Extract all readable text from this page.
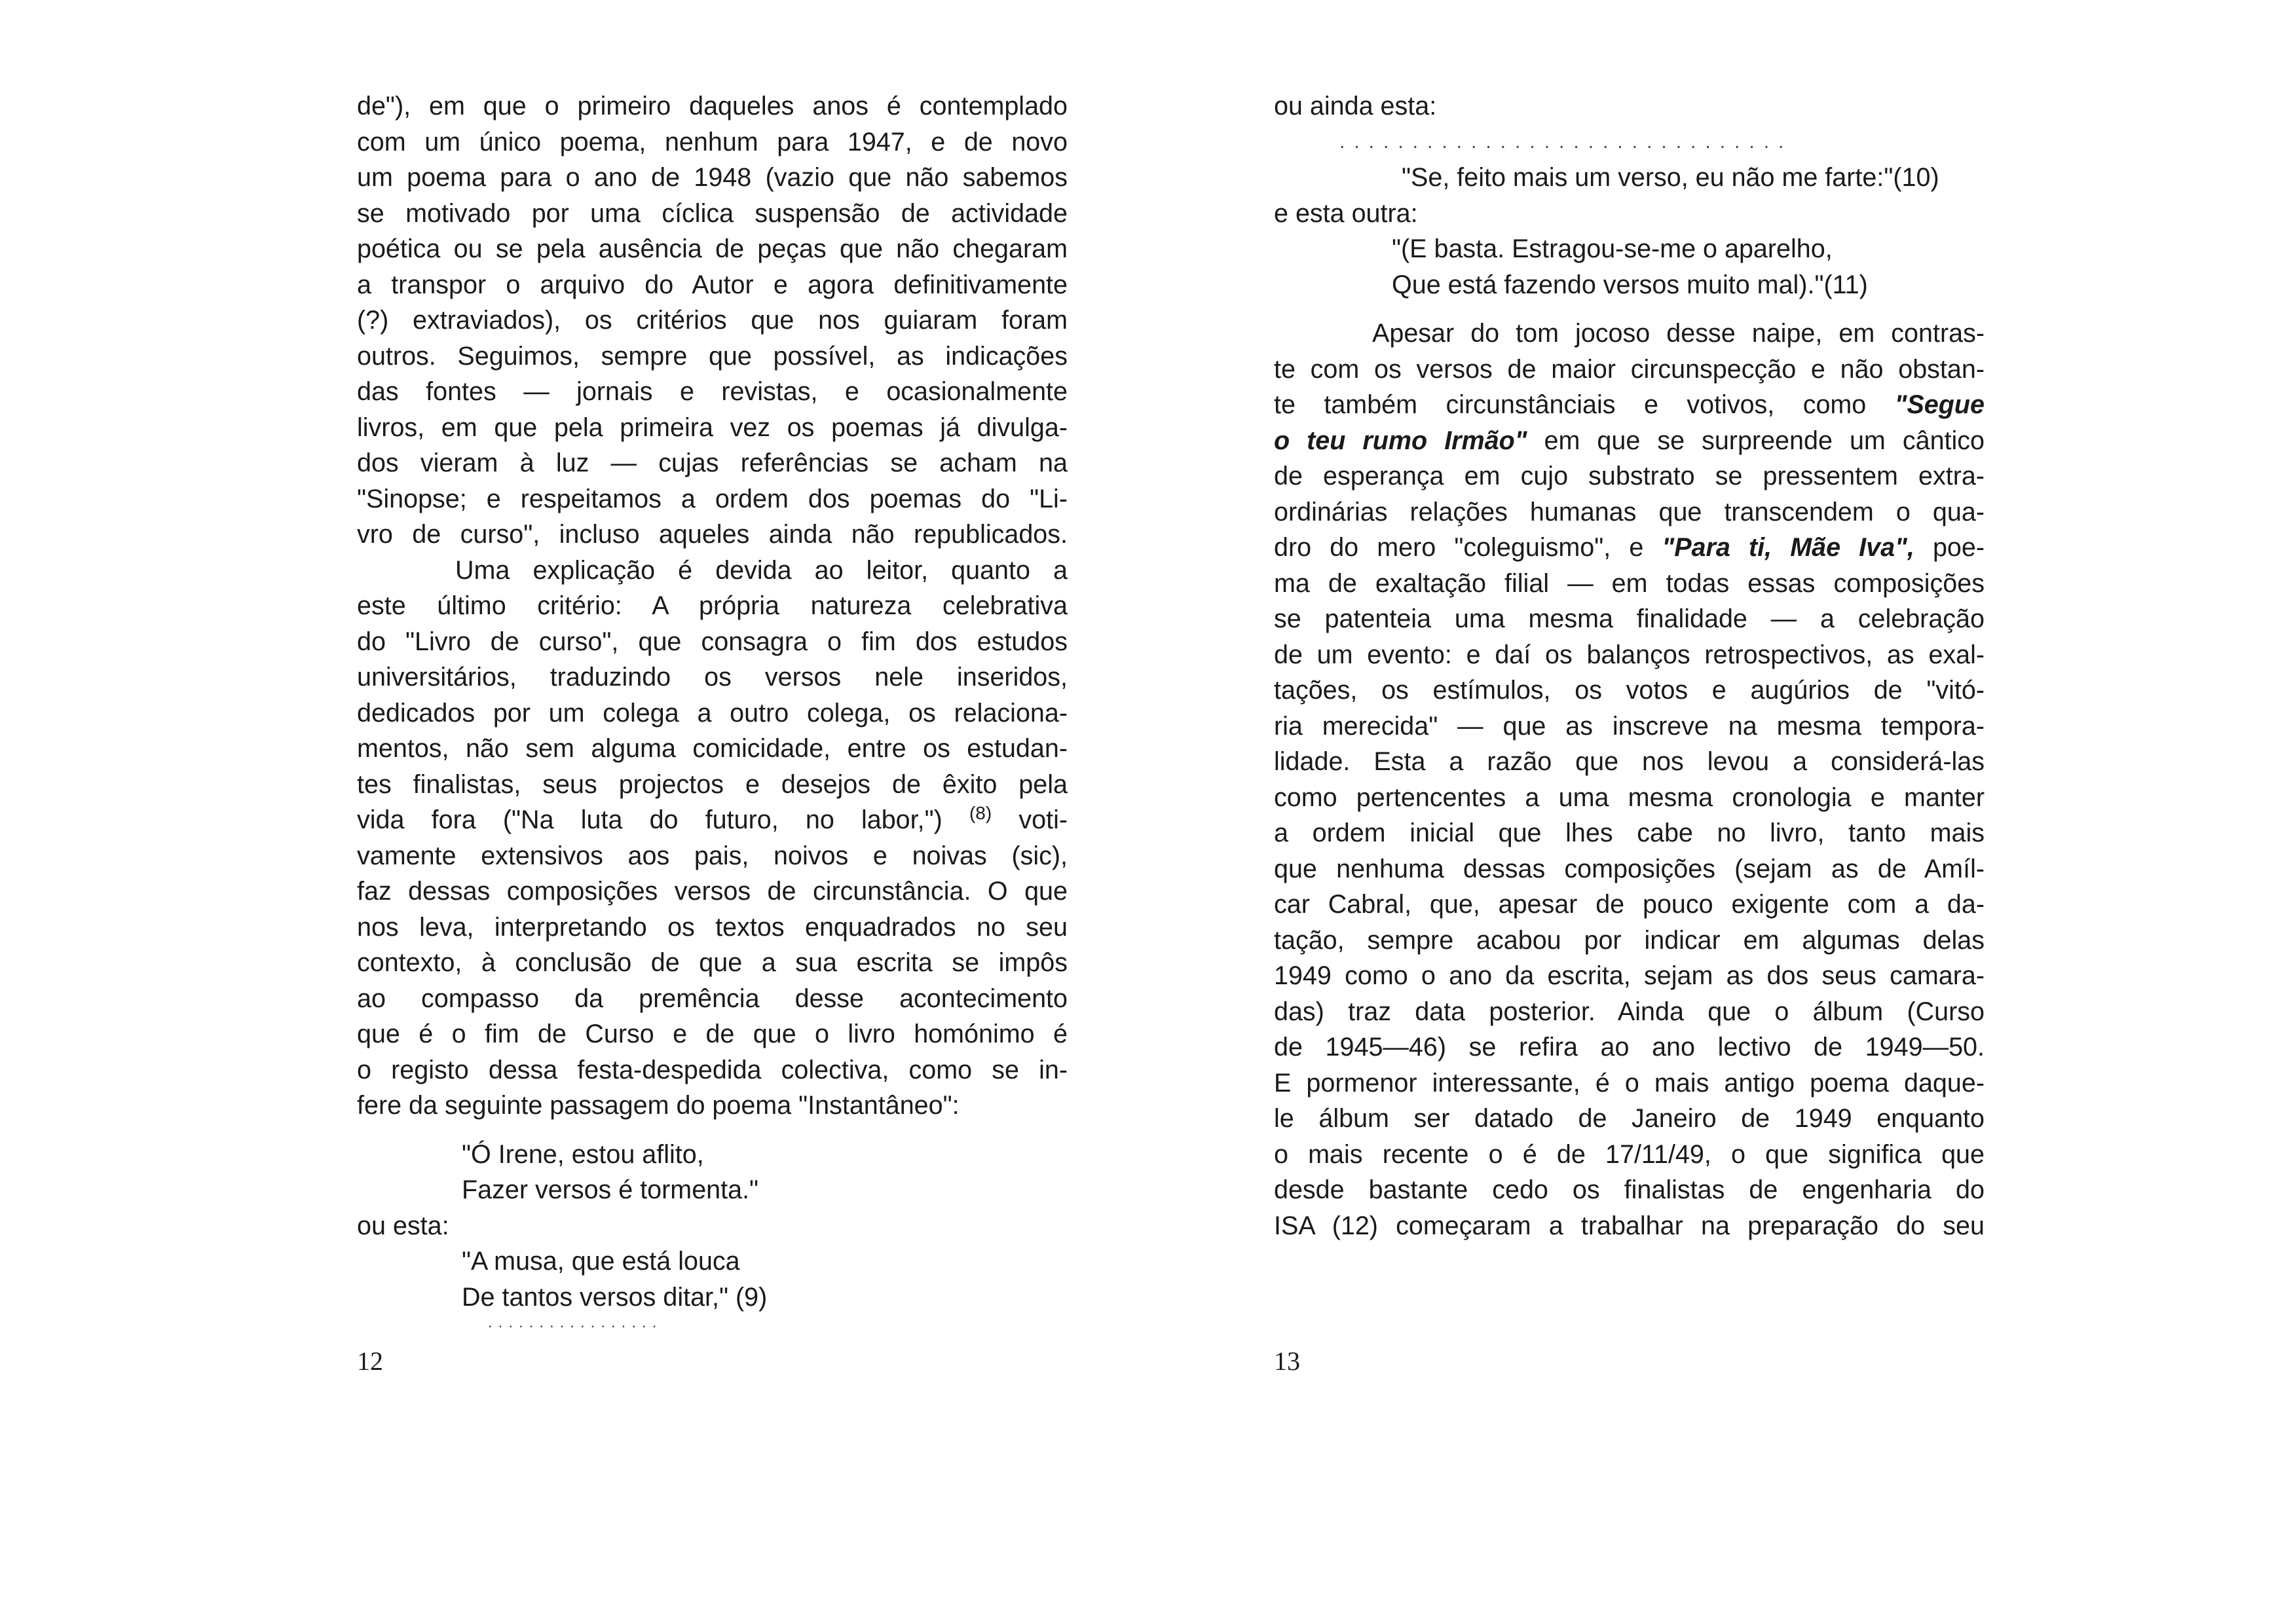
de"), em que o primeiro daqueles anos é contemplado
com um único poema, nenhum para 1947, e de novo
um poema para o ano de 1948 (vazio que não sabemos
se motivado por uma cíclica suspensão de actividade
poética ou se pela ausência de peças que não chegaram
a transpor o arquivo do Autor e agora definitivamente
(?) extraviados), os critérios que nos guiaram foram
outros. Seguimos, sempre que possível, as indicações
das fontes — jornais e revistas, e ocasionalmente
livros, em que pela primeira vez os poemas já divulga-
dos vieram à luz — cujas referências se acham na
"Sinopse; e respeitamos a ordem dos poemas do "Li-
vro de curso", incluso aqueles ainda não republicados.
Uma explicação é devida ao leitor, quanto a
este último critério: A própria natureza celebrativa
do "Livro de curso", que consagra o fim dos estudos
universitários, traduzindo os versos nele inseridos,
dedicados por um colega a outro colega, os relaciona-
mentos, não sem alguma comicidade, entre os estudan-
tes finalistas, seus projectos e desejos de êxito pela
vida fora ("Na luta do futuro, no labor,") $^{(8)}$ voti-
vamente extensivos aos pais, noivos e noivas (sic),
faz dessas composições versos de circunstância. O que
nos leva, interpretando os textos enquadrados no seu
contexto, à conclusão de que a sua escrita se impôs
ao compasso da premência desse acontecimento
que é o fim de Curso e de que o livro homónimo é
o registo dessa festa-despedida colectiva, como se in-
fere da seguinte passagem do poema "Instantâneo":
"Ó Irene, estou aflito,
Fazer versos é tormenta."
ou esta:
"A musa, que está louca
De tantos versos ditar," (9)
.................
12
ou ainda esta:
...............................
"Se, feito mais um verso, eu não me farte:"(10)
e esta outra:
"(E basta. Estragou-se-me o aparelho,
Que está fazendo versos muito mal)."(11)
Apesar do tom jocoso desse naipe, em contras-
te com os versos de maior circunspecção e não obstan-
te também circunstânciais e votivos, como "Segue
o teu rumo Irmão" em que se surpreende um cântico
de esperança em cujo substrato se pressentem extra-
ordinárias relações humanas que transcendem o qua-
dro do mero "coleguismo", e "Para ti, Mãe Iva", poe-
ma de exaltação filial — em todas essas composições
se patenteia uma mesma finalidade — a celebração
de um evento: e daí os balanços retrospectivos, as exal-
tações, os estímulos, os votos e augúrios de "vitó-
ria merecida" — que as inscreve na mesma tempora-
lidade. Esta a razão que nos levou a considerá-las
como pertencentes a uma mesma cronologia e manter
a ordem inicial que lhes cabe no livro, tanto mais
que nenhuma dessas composições (sejam as de Amíl-
car Cabral, que, apesar de pouco exigente com a da-
tação, sempre acabou por indicar em algumas delas
1949 como o ano da escrita, sejam as dos seus camara-
das) traz data posterior. Ainda que o álbum (Curso
de 1945—46) se refira ao ano lectivo de 1949—50.
E pormenor interessante, é o mais antigo poema daque-
le álbum ser datado de Janeiro de 1949 enquanto
o mais recente o é de 17/11/49, o que significa que
desde bastante cedo os finalistas de engenharia do
ISA (12) começaram a trabalhar na preparação do seu
13
